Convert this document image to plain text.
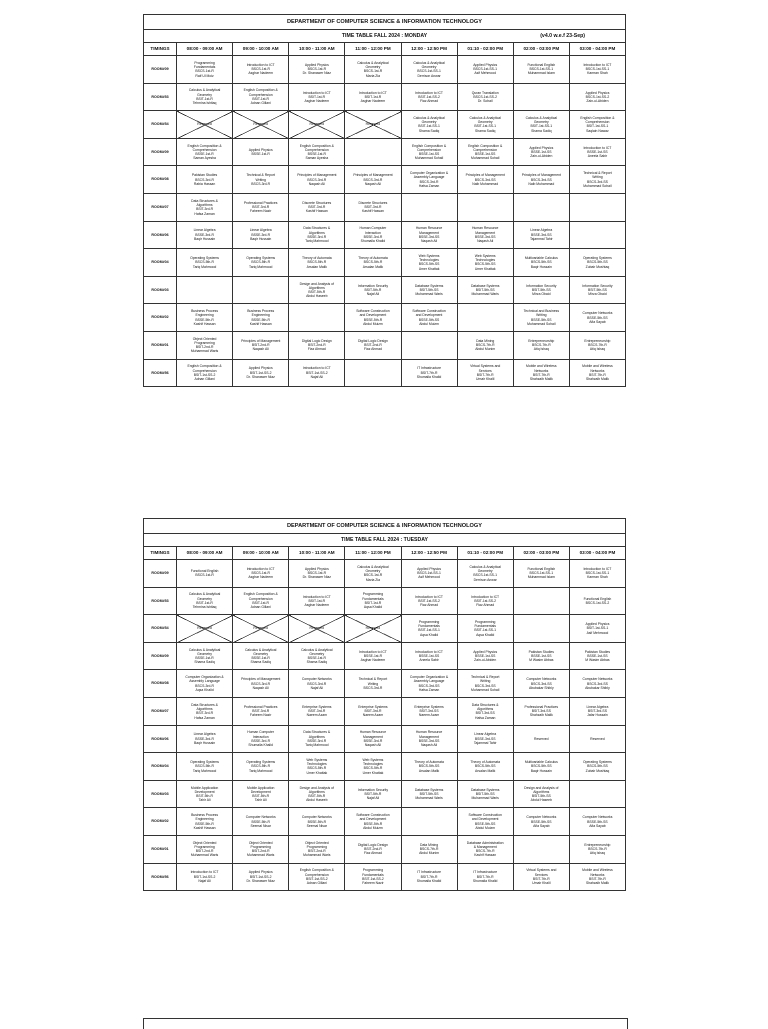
DEPARTMENT OF COMPUTER SCIENCE & INFORMATION TECHNOLOGY								

TIME TABLE FALL 2024 : MONDAY (v4.0 w.e.f 23-Sep)								

TIMINGS	08:00 - 09:00 AM	09:00 - 10:00 AM	10:00 - 11:00 AM	11:00 - 12:00 PM	12:00 - 12:50 PM	01:10 - 02:00 PM	02:00 - 03:00 PM	03:00 - 04:00 PM
ROOM#09	Programming
Fundamentals
BSCS-1st-R
Raif Ul Moiz	Introduction to ICT
BSCS-1st-R
Asghar Nadeem	Applied Physics
BSCS-1st-R
Dr. Shanawer Niaz	Calculus & Analytical
Geometry
BSCS-1st-R
Maria Zia	Calculus & Analytical
Geometry
BSCS-1st-SS-1
Derrison Anwar	Applied Physics
BSCS-1st-SS-1
Asif Mehmood	Functional English
BSCS-1st-SS-1
Muhammad Islam	Introduction to ICT
BSCS-1st-SS-1
Kamran Shah

ROOM#53	Calculus & Analytical
Geometry
BSIT-1st-R
Tehmina Ishtiaq	English Composition &
Comprehension
BSIT-1st-R
Adnan Gillani	Introduction to ICT
BSIT-1st-R
Asghar Nadeem	Introduction to ICT
BSIT-1st-R
Asghar Nadeem	Introduction to ICT
BSIT-1st-SS-2
Fiaz Ahmad	Quran Translation
BSCS-1st-SS-2
Dr. Sohail		Applied Physics
BSCS-1st-SS-2
Zain-ul-Abiden

ROOM#54	Reserved	Reserved	Reserved	Reserved	Calculus & Analytical
Geometry
BSIT-1st-SS-1
Shama Sadiq	Calculus & Analytical
Geometry
BSIT-1st-SS-1
Shama Sadiq	Calculus & Analytical
Geometry
BSIT-1st-SS-1
Shama Sadiq	English Composition &
Comprehension
BSIT-1st-SS-1
Saqlain Nawaz

ROOM#09	English Composition &
Comprehension
BSSE-1st-R
Saman Ayesha	Applied Physics
BSSE-1st-R	English Composition &
Comprehension
BSSE-1st-R
Saman Ayesha		English Composition &
Comprehension
BSSE-1st-SS
Muhammad Sohail	English Composition &
Comprehension
BSSE-1st-SS
Muhammad Sohail	Applied Physics
BSSE-1st-SS
Zain-ul-Abiden	Introduction to ICT
BSSE-1st-SS
Aneela Sabir

ROOM#08	Pakistan Studies
BSCS-3rd-R
Rabia Hassan	Technical & Report
Writing
BSCS-3rd-R	Principles of Management
BSCS-3rd-R
Naqash Ali	Principles of Management
BSCS-3rd-R
Naqash Ali	Computer Organization &
Assembly Language
BSCS-3rd-R
Hafsa Zaman	Principles of Management
BSCS-3rd-SS
Naib Muhammad	Principles of Management
BSCS-3rd-SS
Naib Muhammad	Technical & Report
Writing
BSCS-3rd-SS
Muhammad Sohail

ROOM#07	Data Structures &
Algorithms
BSIT-3rd-R
Hafsa Zaman	Professional Practices
BSIT-3rd-R
Faheem Nazir	Discrete Structures
BSIT-3rd-R
Kashif Hassan	Discrete Structures
BSIT-3rd-R
Kashif Hassan				

ROOM#06	Linear Algebra
BSSE-3rd-R
Baqir Hussain	Linear Algebra
BSSE-3rd-R
Baqir Hussain	Data Structures &
Algorithms
BSSE-3rd-R
Tariq Mahmood	Human Computer
Interaction
BSSE-3rd-R
Shumaila Khalid	Human Resource
Management
BSSE-3rd-SS
Naqash Ali	Human Resource
Management
BSSE-3rd-SS
Naqash Ali	Linear Algebra
BSSE-3rd-SS
Tajammal Tahir	

ROOM#04	Operating Systems
BSCS-5th-R
Tariq Mahmood	Operating Systems
BSCS-5th-R
Tariq Mahmood	Theory of Automata
BSCS-5th-R
Arsalan Malik	Theory of Automata
BSCS-5th-R
Arsalan Malik	Web Systems
Technologies
BSCS-5th-SS
Umer Khattak	Web Systems
Technologies
BSCS-5th-SS
Umer Khattak	Multivariable Calculus
BSCS-5th-SS
Baqir Hussain	Operating Systems
BSCS-5th-SS
Zubair Mushtaq

ROOM#03			Design and Analysis of
Algorithms
BSIT-5th-R
Abdul Haseeb	Information Security
BSIT-5th-R
Najaf Ali	Database Systems
BSIT-5th-SS
Muhammad Waris	Database Systems
BSIT-5th-SS
Muhammad Waris	Information Security
BSIT-5th-SS
Mirza Obaid	Information Security
BSIT-5th-SS
Mirza Obaid

ROOM#02	Business Process
Engineering
BSSE-5th-R
Kashif Hassan	Business Process
Engineering
BSSE-5th-R
Kashif Hassan		Software Construction
and Development
BSSE-5th-R
Abdul Muizm	Software Construction
and Development
BSSE-5th-SS
Abdul Muizm		Technical and Business
Writing
BSSE-5th-SS
Muhammad Sohail	Computer Networks
BSSE-5th-SS
Afia Sayab

ROOM#01	Object Oriented
Programming
BSIT-2nd-R
Muhammad Waris	Principles of Management
BSIT-2nd-R
Naqash Ali	Digital Logic Design
BSIT-2nd-R
Fiaz Ahmad	Digital Logic Design
BSIT-2nd-R
Fiaz Ahmad		Data Mining
BSCS-7th-R
Abdul Munim	Entrepreneurship
BSCS-7th-R
Atiq Ishaq	Entrepreneurship
BSCS-7th-R
Atiq Ishaq

ROOM#56	English Composition &
Comprehension
BSIT-1st-SS-2
Adnan Gillani	Applied Physics
BSIT-1st-SS-2
Dr. Shanawer Niaz	Introduction to ICT
BSIT-1st-SS-2
Najaf Ali		IT Infrastructure
BSIT-7th-R
Shumaila Khalid	Virtual Systems and
Services
BSIT-7th-R
Umair Khalil	Mobile and Wireless
Networks
BSIT-7th-R
Shahzaib Malik	Mobile and Wireless
Networks
BSIT-7th-R
Shahzaib Malik
DEPARTMENT OF COMPUTER SCIENCE & INFORMATION TECHNOLOGY								
TIME TABLE FALL 2024 : TUESDAY								
TIMINGS	08:00 - 09:00 AM	09:00 - 10:00 AM	10:00 - 11:00 AM	11:00 - 12:00 PM	12:00 - 12:50 PM	01:10 - 02:00 PM	02:00 - 03:00 PM	03:00 - 04:00 PM
ROOM#09	Functional English
BSCS-1st-R	Introduction to ICT
BSCS-1st-R
Asghar Nadeem	Applied Physics
BSCS-1st-R
Dr. Shanawer Niaz	Calculus & Analytical
Geometry
BSCS-1st-R
Maria Zia	Applied Physics
BSCS-1st-SS-1
Asif Mehmood	Calculus & Analytical
Geometry
BSCS-1st-SS-1
Derrison Anwar	Functional English
BSCS-1st-SS-1
Muhammad Islam	Introduction to ICT
BSCS-1st-SS-1
Kamran Shah

ROOM#53	Calculus & Analytical
Geometry
BSIT-1st-R
Tehmina Ishtiaq	English Composition &
Comprehension
BSIT-1st-R
Adnan Gillani	Introduction to ICT
BSIT-1st-R
Asghar Nadeem	Programming
Fundamentals
BSIT-1st-R
Aqsa Khalid	Introduction to ICT
BSIT-1st-SS-2
Fiaz Ahmad	Introduction to ICT
BSIT-1st-SS-2
Fiaz Ahmad		Functional English
BSCS-1st-SS-2

ROOM#54	Reserved	Reserved	Reserved	Reserved	Programming
Fundamentals
BSIT-1st-SS-1
Aqsa Khalid	Programming
Fundamentals
BSIT-1st-SS-1
Aqsa Khalid		Applied Physics
BSIT-1st-SS-1
Asif Mehmood

ROOM#09	Calculus & Analytical
Geometry
BSSE-1st-R
Shama Sadiq	Calculus & Analytical
Geometry
BSSE-1st-R
Shama Sadiq	Calculus & Analytical
Geometry
BSSE-1st-R
Shama Sadiq	Introduction to ICT
BSSE-1st-R
Asghar Nadeem	Introduction to ICT
BSSE-1st-SS
Aneela Sabir	Applied Physics
BSSE-1st-SS
Zain-ul-Abiden	Pakistan Studies
BSSE-1st-SS
M Wasim Abbas	Pakistan Studies
BSSE-1st-SS
M Wasim Abbas

ROOM#08	Computer Organization &
Assembly Language
BSCS-3rd-R
Aqsa Khalid	Principles of Management
BSCS-3rd-R
Naqash Ali	Computer Networks
BSCS-3rd-R
Najaf Ali	Technical & Report
Writing
BSCS-3rd-R	Computer Organization &
Assembly Language
BSCS-3rd-SS
Hafsa Zaman	Technical & Report
Writing
BSCS-3rd-SS
Muhammad Sohail	Computer Networks
BSCS-3rd-SS
Abubakar Shibly	Computer Networks
BSCS-3rd-SS
Abubakar Shibly

ROOM#07	Data Structures &
Algorithms
BSIT-3rd-R
Hafsa Zaman	Professional Practices
BSIT-3rd-R
Faheem Nazir	Enterprise Systems
BSIT-3rd-R
Naeem Azam	Enterprise Systems
BSIT-3rd-R
Naeem Azam	Enterprise Systems
BSIT-3rd-SS
Naeem Azam	Data Structures &
Algorithms
BSIT-3rd-SS
Hafsa Zaman	Professional Practices
BSIT-3rd-SS
Shahzaib Malik	Linear Algebra
BSIT-3rd-SS
Jafar Hussain

ROOM#06	Linear Algebra
BSSE-3rd-R
Baqir Hussain	Human Computer
Interaction
BSSE-3rd-R
Shumaila Khalid	Data Structures &
Algorithms
BSSE-3rd-R
Tariq Mahmood	Human Resource
Management
BSSE-3rd-R
Naqash Ali	Human Resource
Management
BSSE-3rd-SS
Naqash Ali	Linear Algebra
BSSE-3rd-SS
Tajammal Tahir	Reserved	Reserved

ROOM#04	Operating Systems
BSCS-5th-R
Tariq Mahmood	Operating Systems
BSCS-5th-R
Tariq Mahmood	Web Systems
Technologies
BSCS-5th-R
Umer Khattak	Web Systems
Technologies
BSCS-5th-R
Umer Khattak	Theory of Automata
BSCS-5th-SS
Arsalan Malik	Theory of Automata
BSCS-5th-SS
Arsalan Malik	Multivariable Calculus
BSCS-5th-SS
Baqir Hussain	Operating Systems
BSCS-5th-SS
Zubair Mushtaq

ROOM#03	Mobile Application
Development
BSIT-5th-R
Tahir Ali	Mobile Application
Development
BSIT-5th-R
Tahir Ali	Design and Analysis of
Algorithms
BSIT-5th-R
Abdul Haseeb	Information Security
BSIT-5th-R
Najaf Ali	Database Systems
BSIT-5th-SS
Muhammad Waris	Database Systems
BSIT-5th-SS
Muhammad Waris	Design and Analysis of
Algorithms
BSIT-5th-SS
Abdul Haseeb	

ROOM#02	Business Process
Engineering
BSSE-5th-R
Kashif Hassan	Computer Networks
BSSE-5th-R
Seemal Nisar	Computer Networks
BSSE-5th-R
Seemal Nisar	Software Construction
and Development
BSSE-5th-R
Abdul Muizm		Software Construction
and Development
BSSE-5th-SS
Abdul Muizm	Computer Networks
BSSE-5th-SS
Afia Sayab	Computer Networks
BSSE-5th-SS
Afia Sayab

ROOM#01	Object Oriented
Programming
BSIT-2nd-R
Muhammad Waris	Object Oriented
Programming
BSIT-2nd-R
Muhammad Waris	Object Oriented
Programming
BSIT-2nd-R
Muhammad Waris	Digital Logic Design
BSIT-2nd-R
Fiaz Ahmad	Data Mining
BSCS-7th-R
Abdul Munim	Database Administration
& Management
BSCS-7th-R
Kashif Hassan		Entrepreneurship
BSCS-7th-R
Atiq Ishaq

ROOM#56	Introduction to ICT
BSIT-1st-SS-2
Najaf Ali	Applied Physics
BSIT-1st-SS-2
Dr. Shanawer Niaz	English Composition &
Comprehension
BSIT-1st-SS-2
Adnan Gillani	Programming
Fundamentals
BSIT-1st-SS-2
Faheem Nazir	IT Infrastructure
BSIT-7th-R
Shumaila Khalid	IT Infrastructure
BSIT-7th-R
Shumaila Khalid	Virtual Systems and
Services
BSIT-7th-R
Umair Khalil	Mobile and Wireless
Networks
BSIT-7th-R
Shahzaib Malik
